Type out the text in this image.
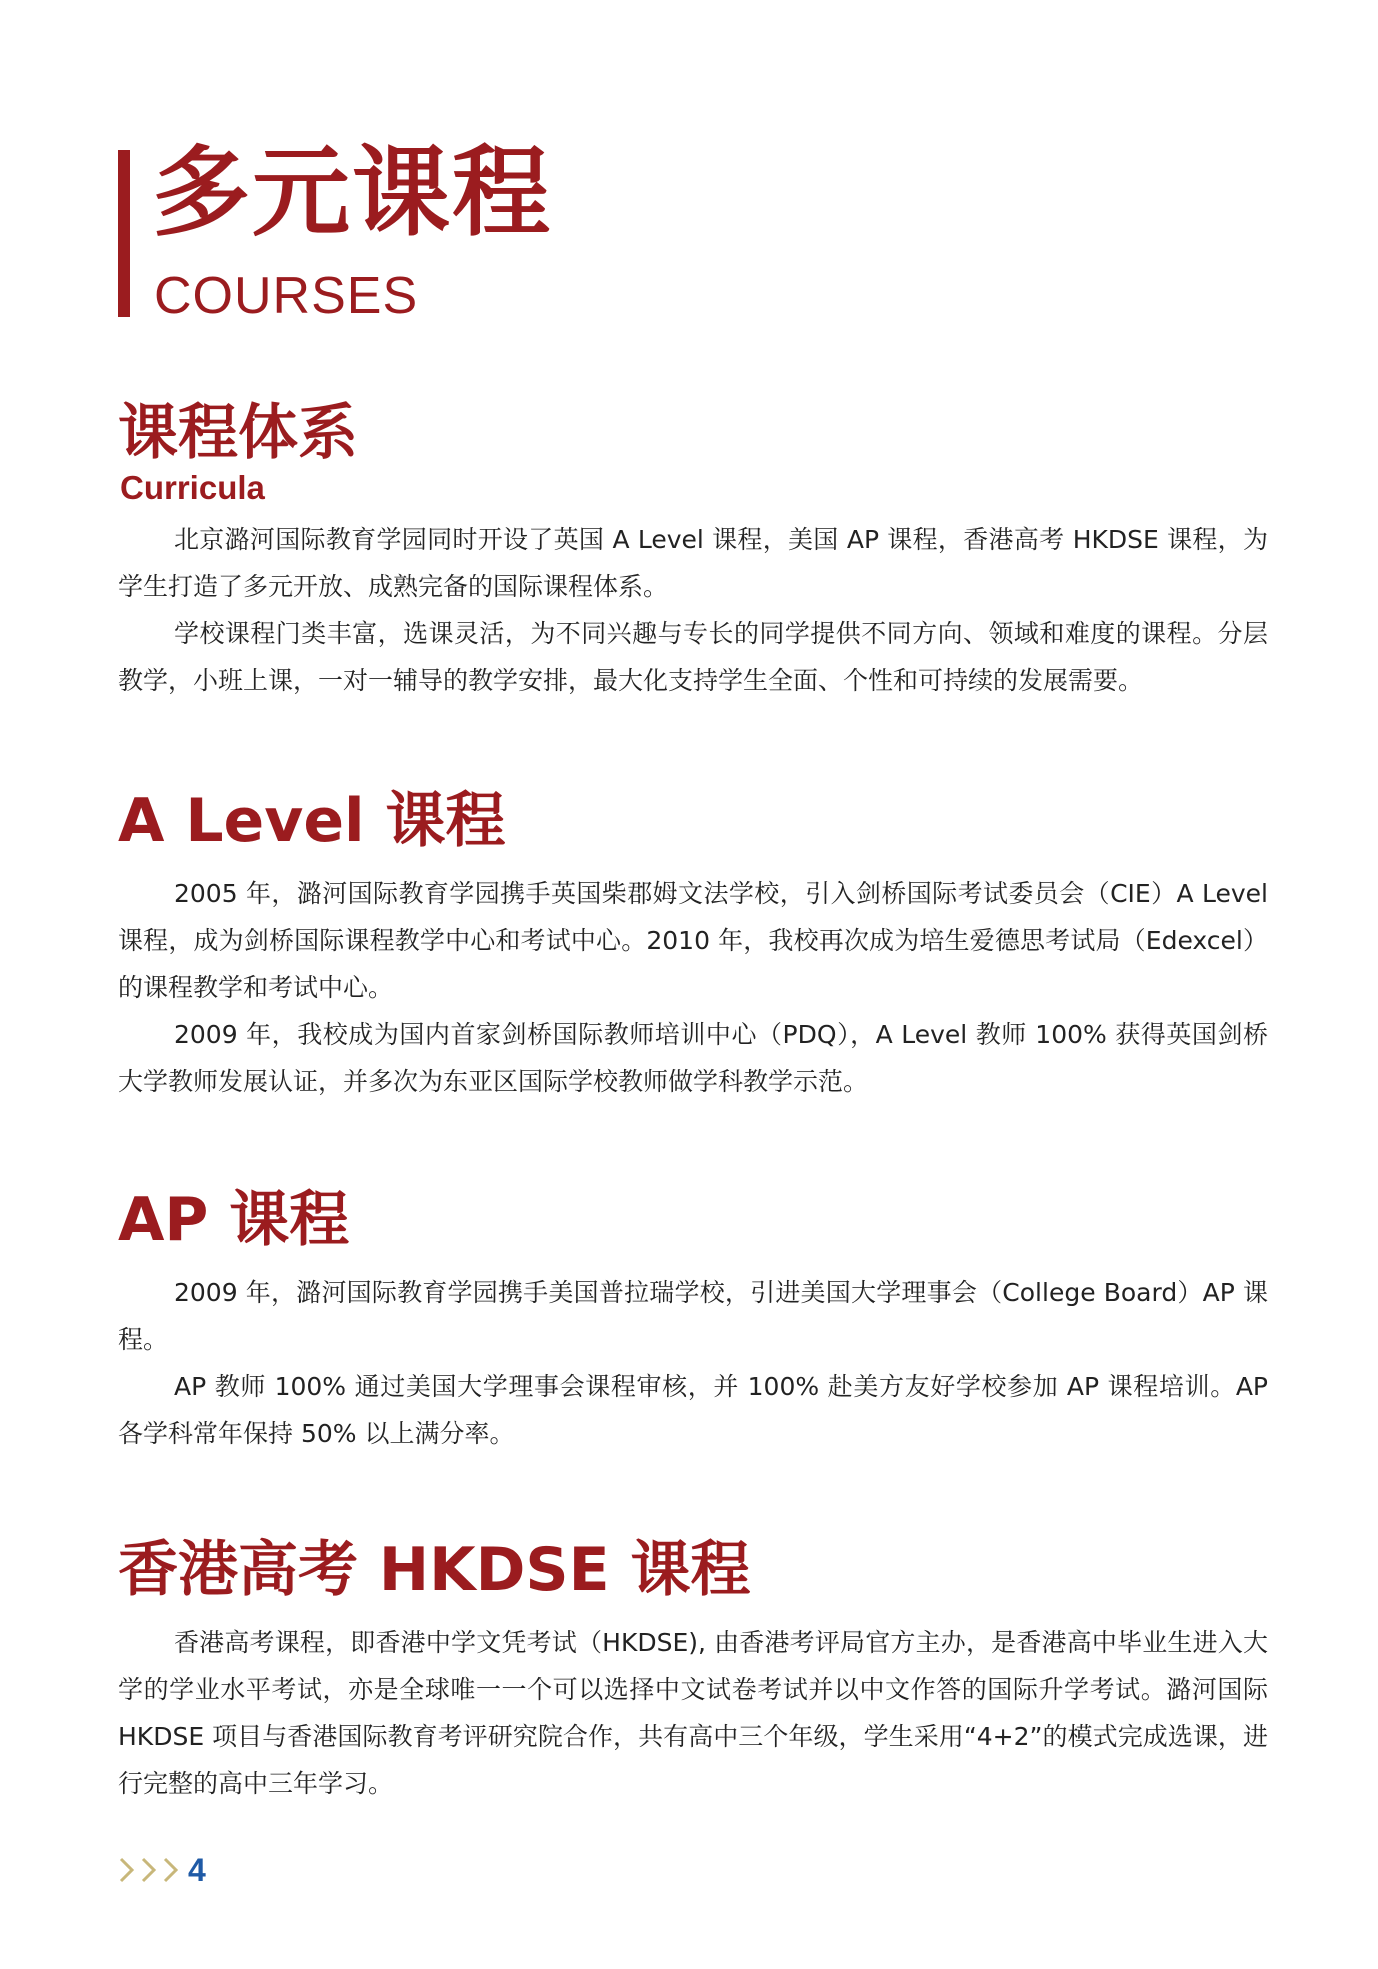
多元课程
COURSES
课程体系
Curricula

北京潞河国际教育学园同时开设了英国 A Level 课程，美国 AP 课程，香港高考 HKDSE 课程，为学生打造了多元开放、成熟完备的国际课程体系。

学校课程门类丰富，选课灵活，为不同兴趣与专长的同学提供不同方向、领域和难度的课程。分层教学，小班上课，一对一辅导的教学安排，最大化支持学生全面、个性和可持续的发展需要。

A Level 课程

2005 年，潞河国际教育学园携手英国柴郡姆文法学校，引入剑桥国际考试委员会（CIE）A Level 课程，成为剑桥国际课程教学中心和考试中心。2010 年，我校再次成为培生爱德思考试局（Edexcel）的课程教学和考试中心。

2009 年，我校成为国内首家剑桥国际教师培训中心（PDQ），A Level 教师 100% 获得英国剑桥大学教师发展认证，并多次为东亚区国际学校教师做学科教学示范。

AP 课程

2009 年，潞河国际教育学园携手美国普拉瑞学校，引进美国大学理事会（College Board）AP 课程。

AP 教师 100% 通过美国大学理事会课程审核，并 100% 赴美方友好学校参加 AP 课程培训。AP 各学科常年保持 50% 以上满分率。

香港高考 HKDSE 课程

香港高考课程，即香港中学文凭考试（HKDSE), 由香港考评局官方主办，是香港高中毕业生进入大学的学业水平考试，亦是全球唯一一个可以选择中文试卷考试并以中文作答的国际升学考试。潞河国际 HKDSE 项目与香港国际教育考评研究院合作，共有高中三个年级，学生采用“4+2”的模式完成选课，进行完整的高中三年学习。

4
